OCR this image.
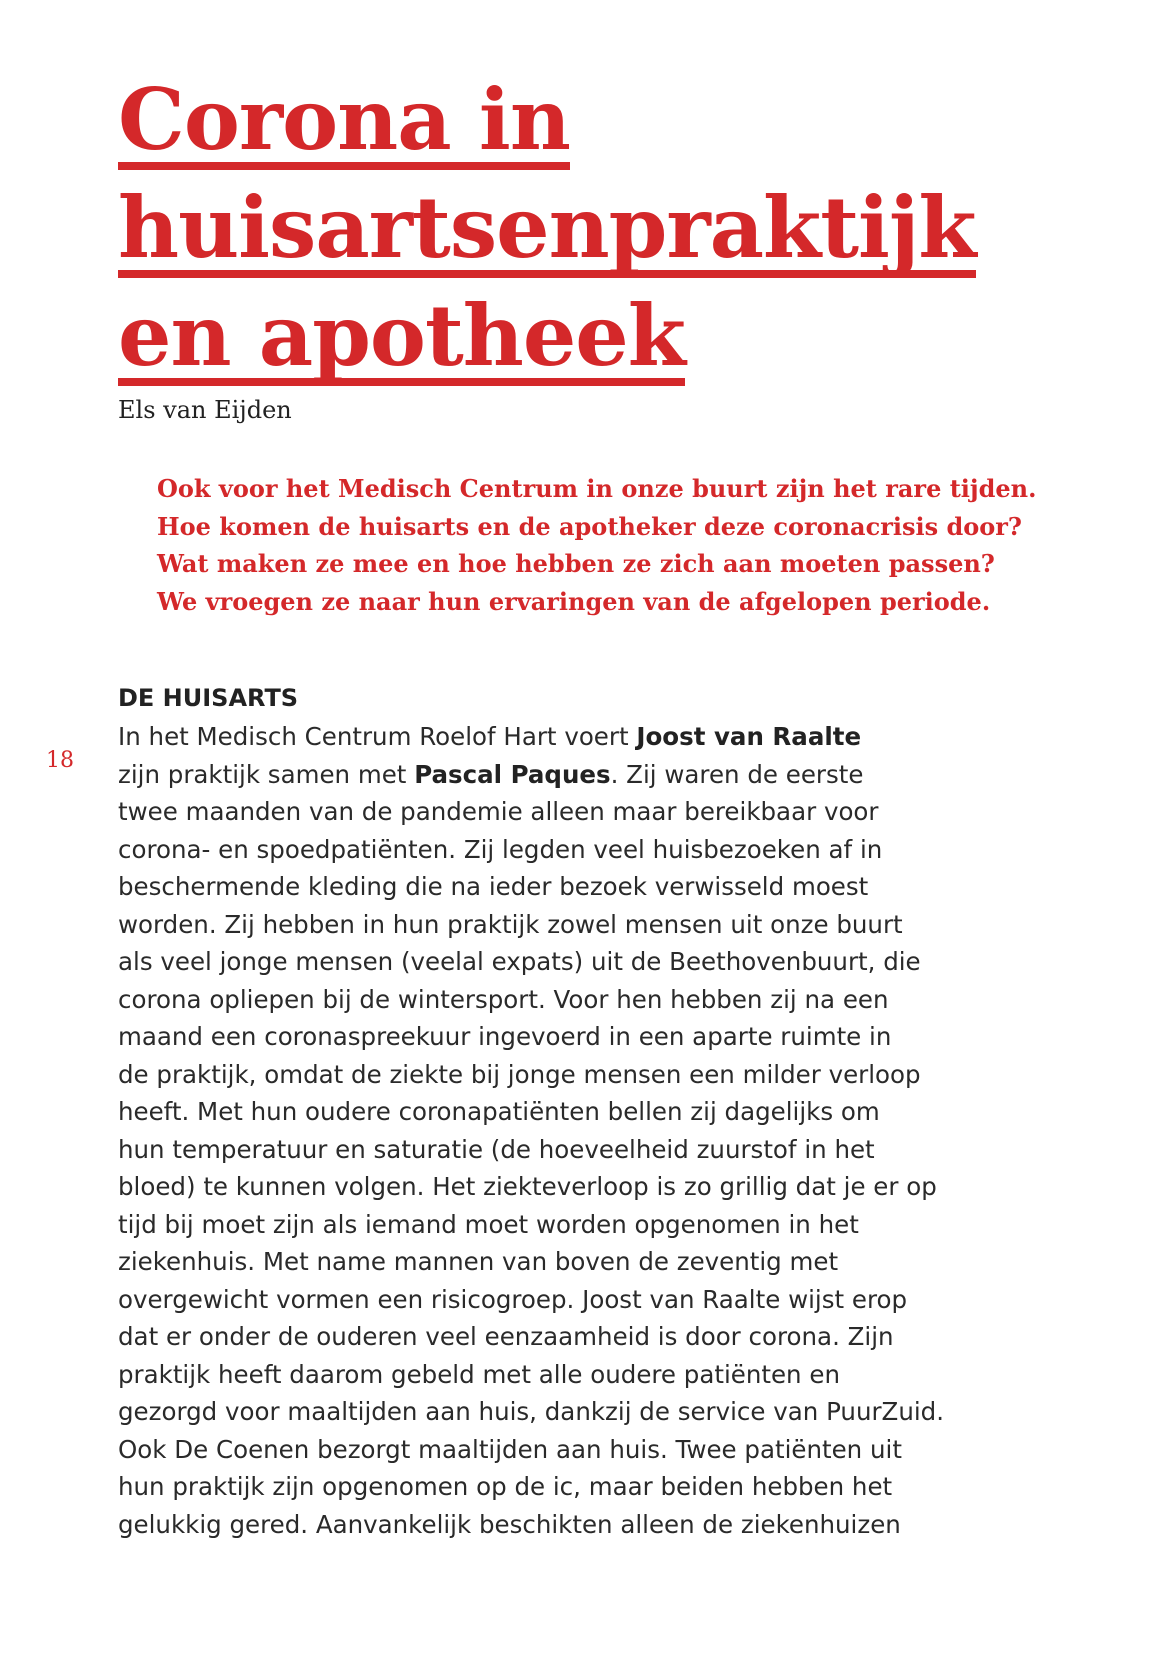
Corona in
huisartsenpraktijk
en apotheek
Els van Eijden
Ook voor het Medisch Centrum in onze buurt zijn het rare tijden.
Hoe komen de huisarts en de apotheker deze coronacrisis door?
Wat maken ze mee en hoe hebben ze zich aan moeten passen?
We vroegen ze naar hun ervaringen van de afgelopen periode.
DE HUISARTS
18
In het Medisch Centrum Roelof Hart voert Joost van Raalte
zijn praktijk samen met Pascal Paques. Zij waren de eerste
twee maanden van de pandemie alleen maar bereikbaar voor
corona- en spoedpatiënten. Zij legden veel huisbezoeken af in
beschermende kleding die na ieder bezoek verwisseld moest
worden. Zij hebben in hun praktijk zowel mensen uit onze buurt
als veel jonge mensen (veelal expats) uit de Beethovenbuurt, die
corona opliepen bij de wintersport. Voor hen hebben zij na een
maand een coronaspreekuur ingevoerd in een aparte ruimte in
de praktijk, omdat de ziekte bij jonge mensen een milder verloop
heeft. Met hun oudere coronapatiënten bellen zij dagelijks om
hun temperatuur en saturatie (de hoeveelheid zuurstof in het
bloed) te kunnen volgen. Het ziekteverloop is zo grillig dat je er op
tijd bij moet zijn als iemand moet worden opgenomen in het
ziekenhuis. Met name mannen van boven de zeventig met
overgewicht vormen een risicogroep. Joost van Raalte wijst erop
dat er onder de ouderen veel eenzaamheid is door corona. Zijn
praktijk heeft daarom gebeld met alle oudere patiënten en
gezorgd voor maaltijden aan huis, dankzij de service van PuurZuid.
Ook De Coenen bezorgt maaltijden aan huis. Twee patiënten uit
hun praktijk zijn opgenomen op de ic, maar beiden hebben het
gelukkig gered. Aanvankelijk beschikten alleen de ziekenhuizen
